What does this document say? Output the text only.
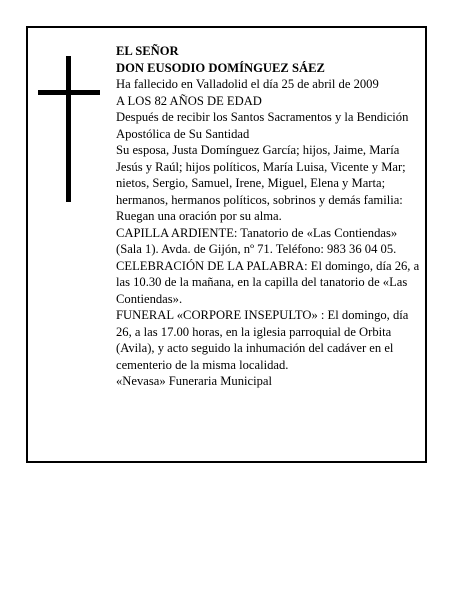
EL SEÑOR

DON EUSODIO DOMÍNGUEZ SÁEZ

Ha fallecido en Valladolid el día 25 de abril de 2009

A LOS 82 AÑOS DE EDAD

Después de recibir los Santos Sacramentos y la Bendición Apostólica de Su Santidad

Su esposa, Justa Domínguez García; hijos, Jaime, María Jesús y Raúl; hijos políticos, María Luisa, Vicente y Mar; nietos, Sergio, Samuel, Irene, Miguel, Elena y Marta; hermanos, hermanos políticos, sobrinos y demás familia:

Ruegan una oración por su alma.

CAPILLA ARDIENTE: Tanatorio de «Las Contiendas» (Sala 1). Avda. de Gijón, nº 71. Teléfono: 983 36 04 05.

CELEBRACIÓN DE LA PALABRA: El domingo, día 26, a las 10.30 de la mañana, en la capilla del tanatorio de «Las Contiendas».

FUNERAL «CORPORE INSEPULTO» : El domingo, día 26, a las 17.00 horas, en la iglesia parroquial de Orbita (Avila), y acto seguido la inhumación del cadáver en el cementerio de la misma localidad.

«Nevasa» Funeraria Municipal
